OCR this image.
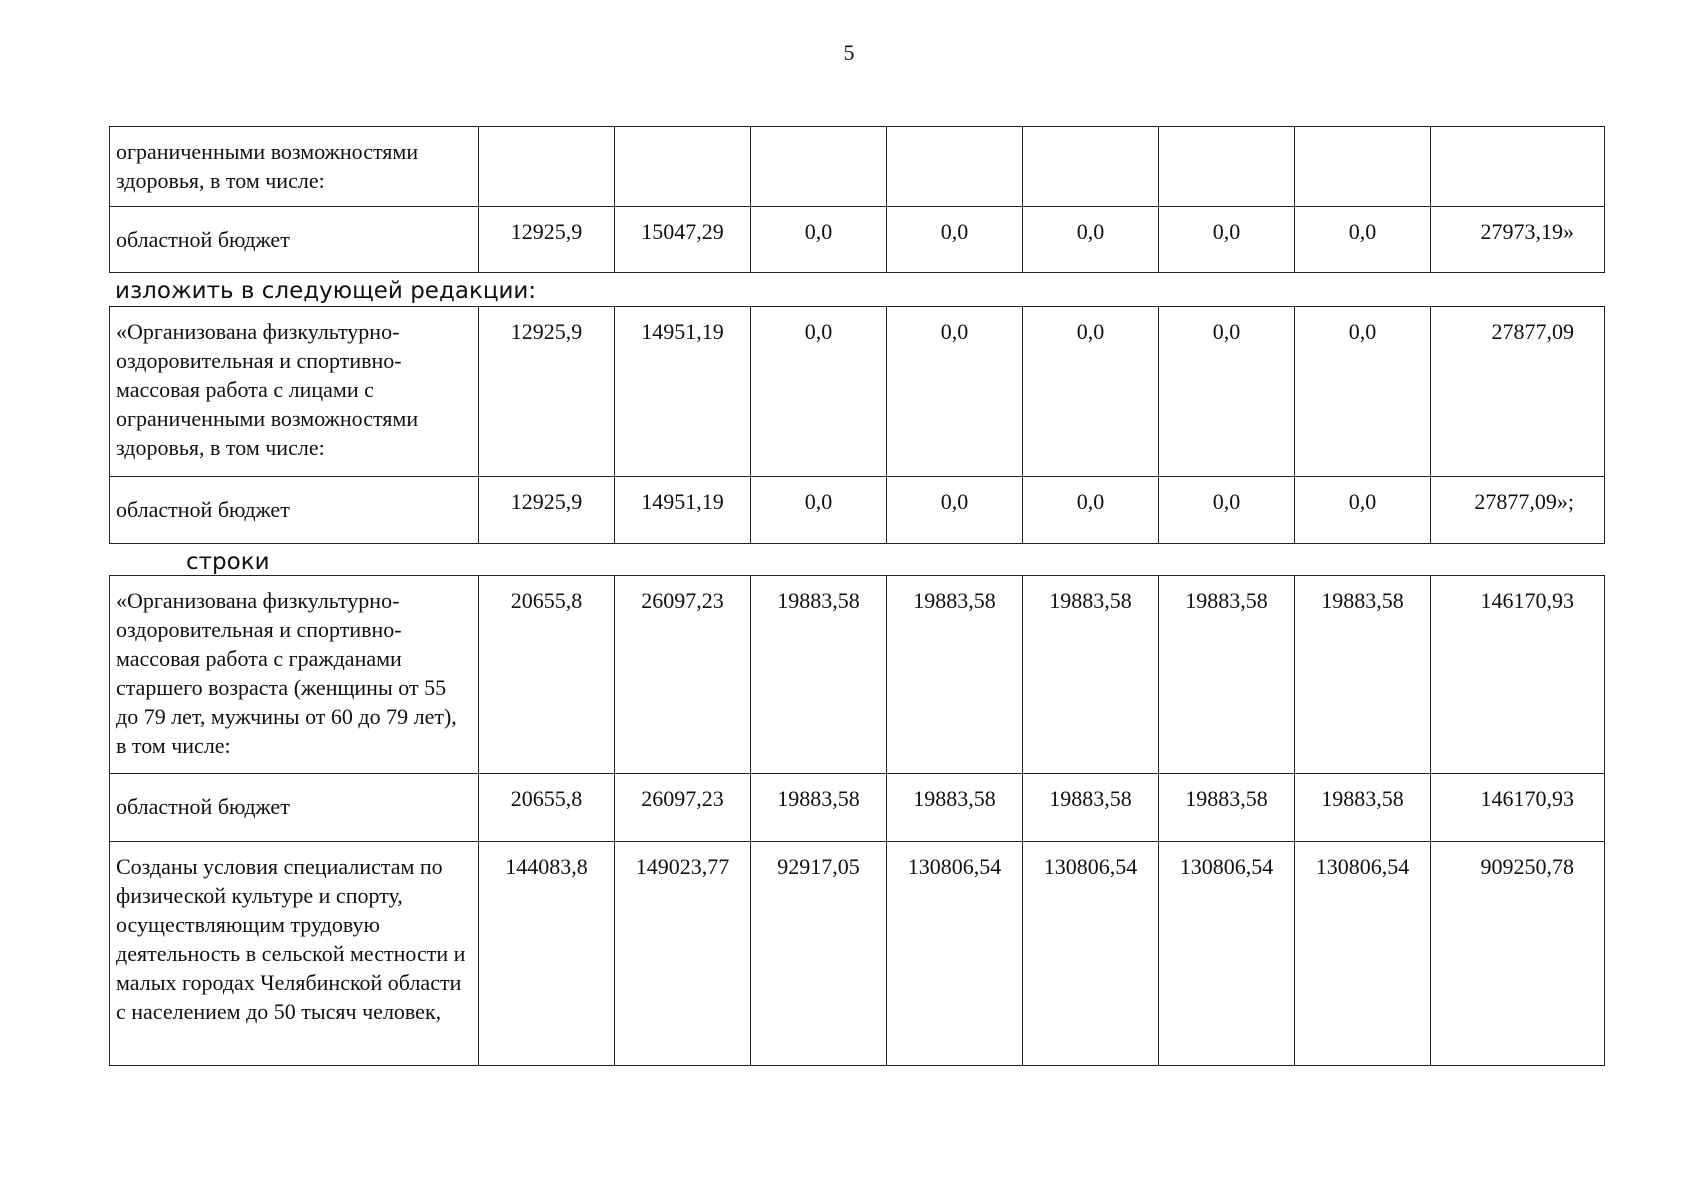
5
ограниченными возможностями здоровья, в том числе:								
областной бюджет	12925,9	15047,29	0,0	0,0	0,0	0,0	0,0	27973,19»
изложить в следующей редакции:
«Организована физкультурно-оздоровительная и спортивно-массовая работа с лицами с ограниченными возможностями здоровья, в том числе:	12925,9	14951,19	0,0	0,0	0,0	0,0	0,0	27877,09
областной бюджет	12925,9	14951,19	0,0	0,0	0,0	0,0	0,0	27877,09»;
строки
«Организована физкультурно-оздоровительная и спортивно-массовая работа с гражданами старшего возраста (женщины от 55 до 79 лет, мужчины от 60 до 79 лет), в том числе:	20655,8	26097,23	19883,58	19883,58	19883,58	19883,58	19883,58	146170,93
областной бюджет	20655,8	26097,23	19883,58	19883,58	19883,58	19883,58	19883,58	146170,93
Созданы условия специалистам по физической культуре и спорту, осуществляющим трудовую деятельность в сельской местности и малых городах Челябинской области с населением до 50 тысяч человек,	144083,8	149023,77	92917,05	130806,54	130806,54	130806,54	130806,54	909250,78
